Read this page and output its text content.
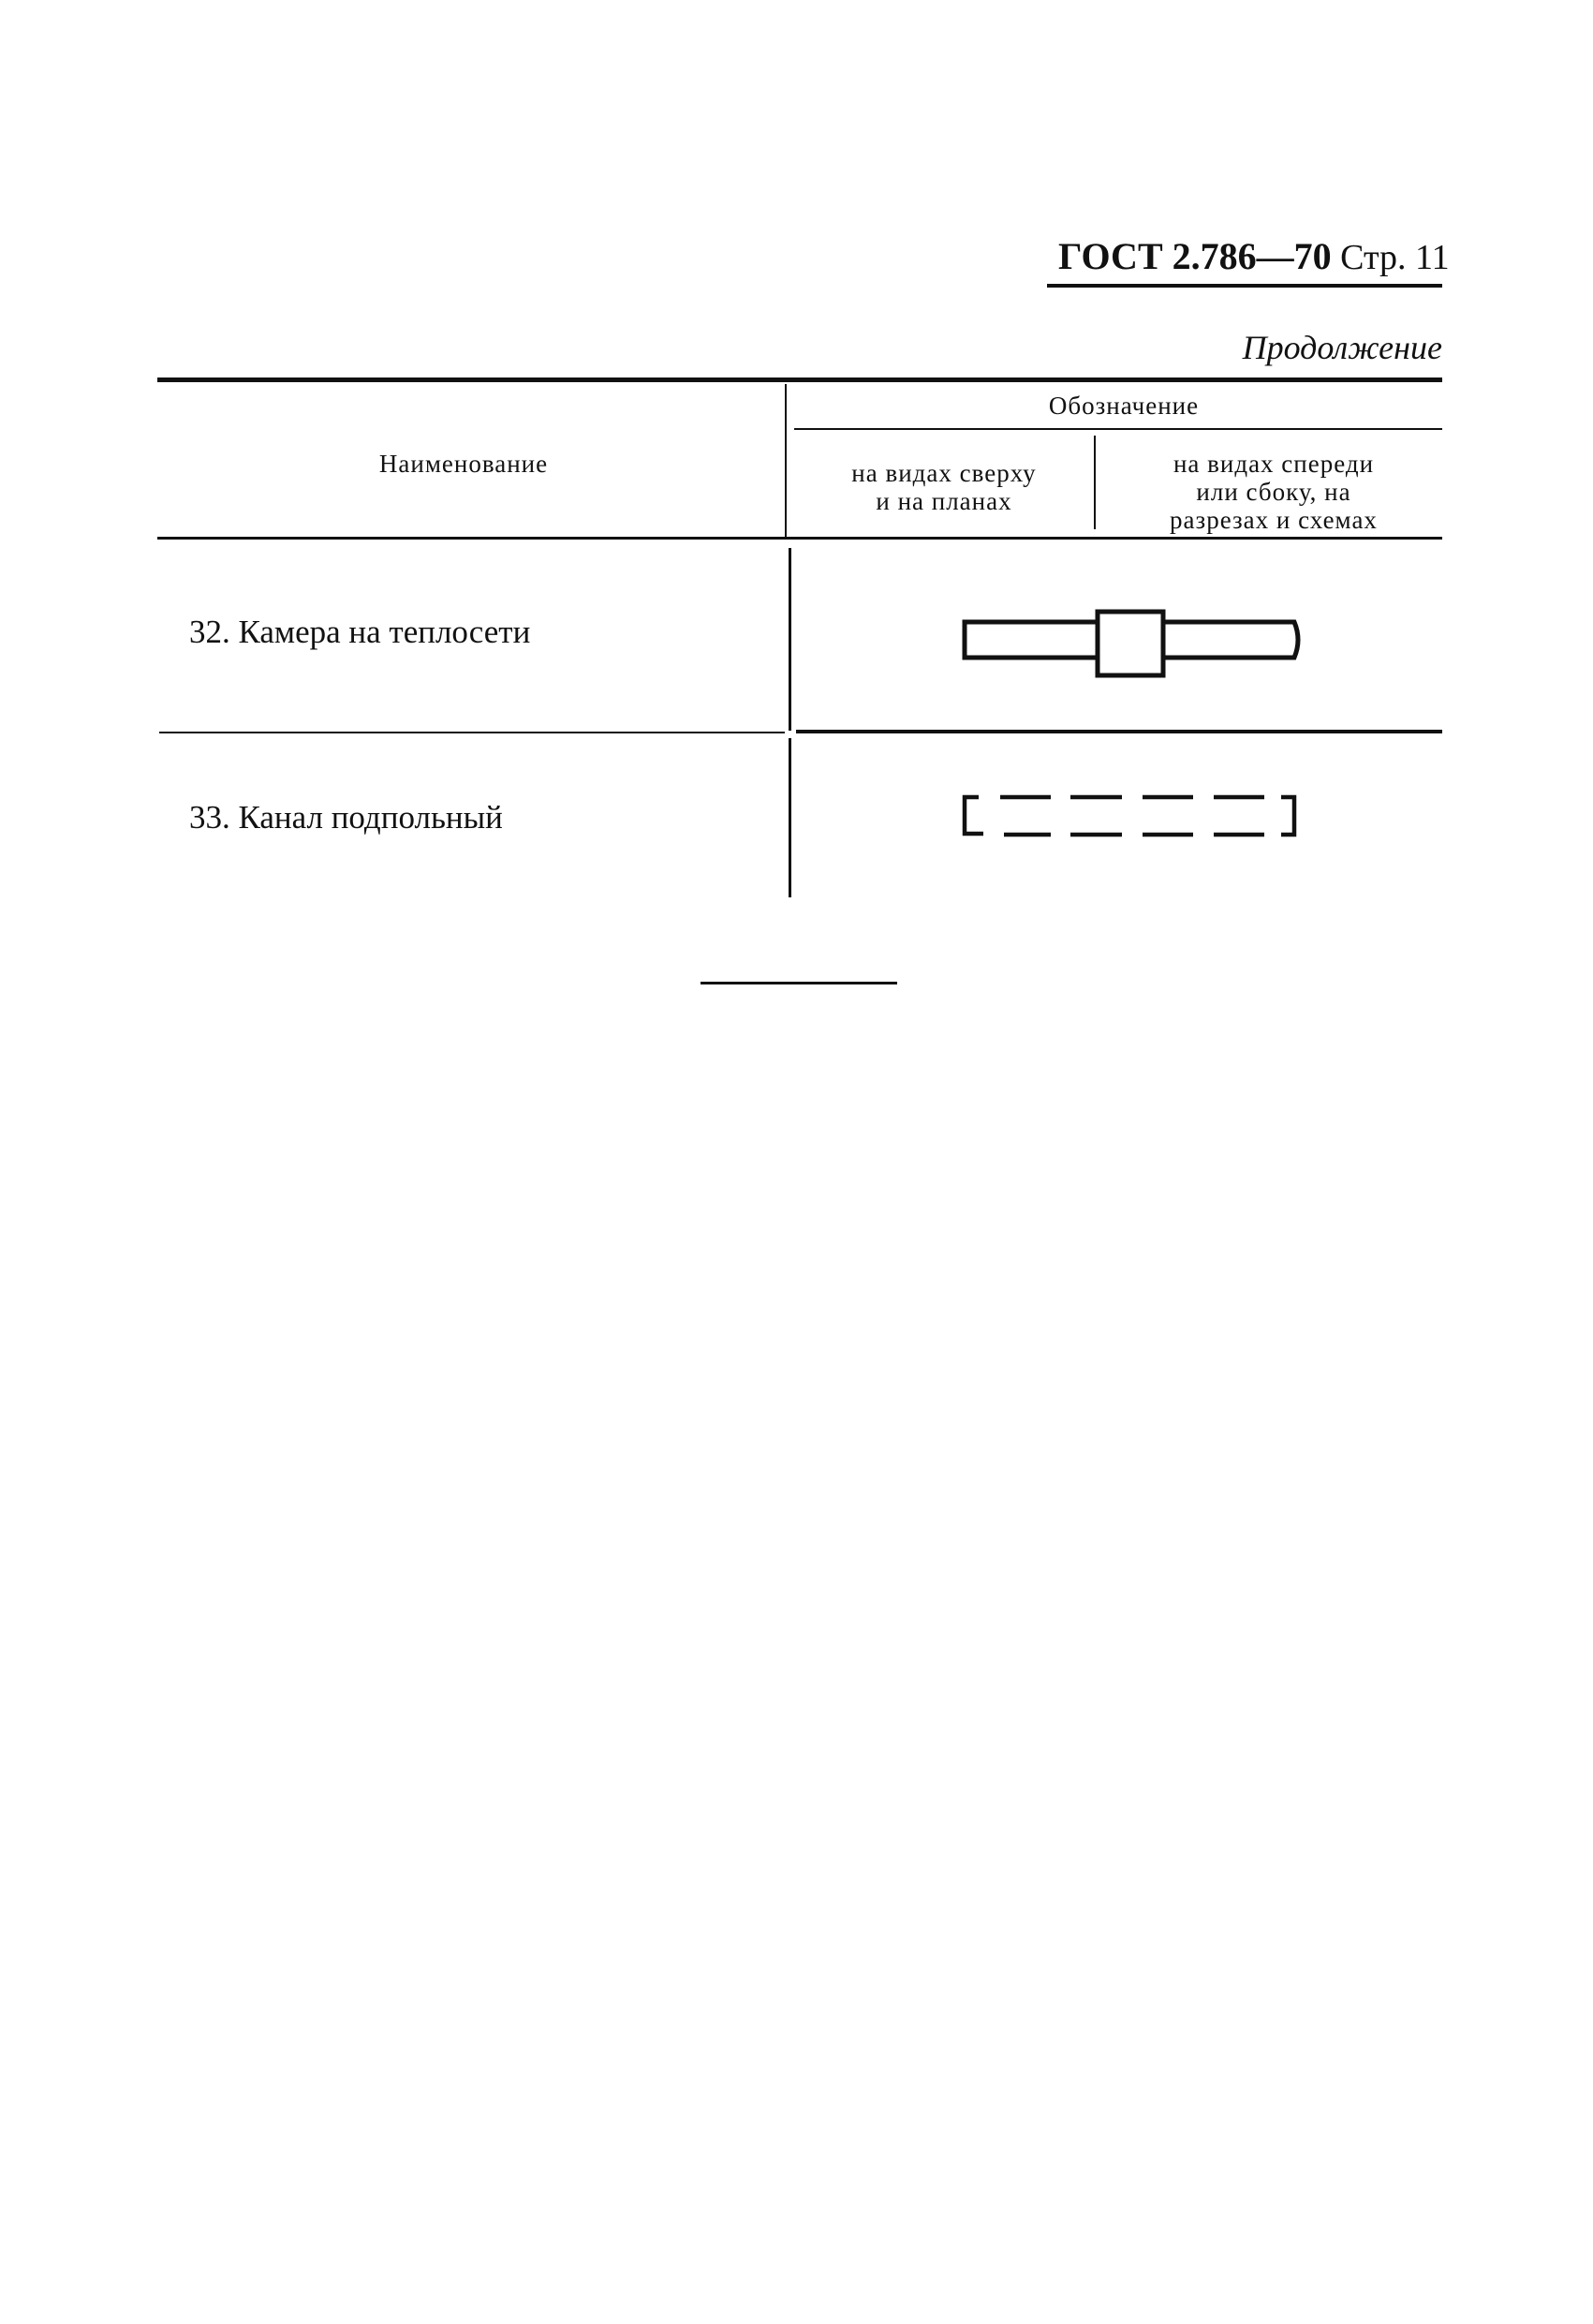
ГОСТ 2.786—70 Стр. 11
Продолжение
Наименование
Обозначение
на видах сверху
и на планах
на видах спереди
или сбоку, на
разрезах и схемах
32. Камера на теплосети
33. Канал подпольный
